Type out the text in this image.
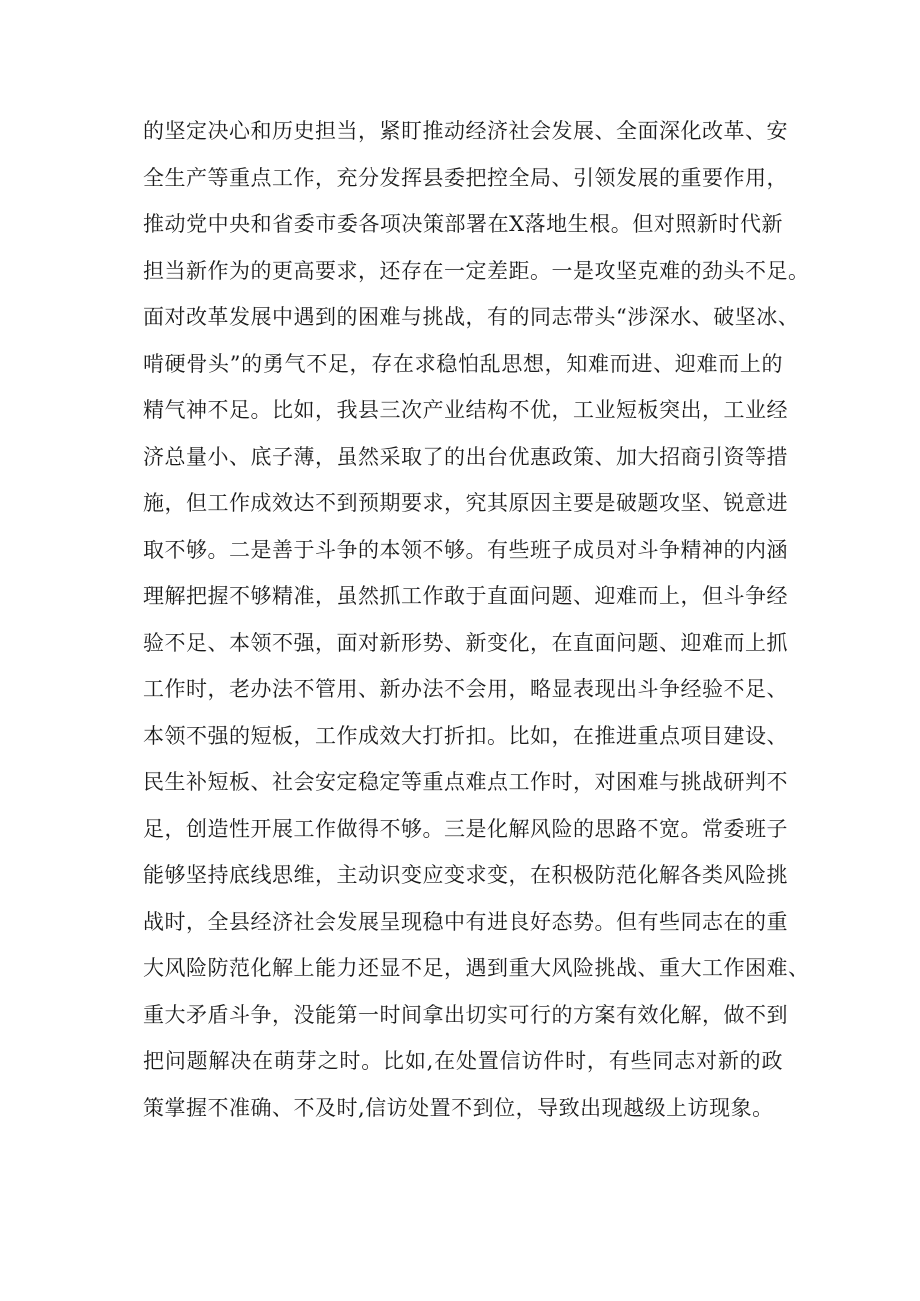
的坚定决心和历史担当，紧盯推动经济社会发展、全面深化改革、安
全生产等重点工作，充分发挥县委把控全局、引领发展的重要作用，
推动党中央和省委市委各项决策部署在X落地生根。但对照新时代新
担当新作为的更高要求，还存在一定差距。一是攻坚克难的劲头不足。
面对改革发展中遇到的困难与挑战，有的同志带头“涉深水、破坚冰、
啃硬骨头”的勇气不足，存在求稳怕乱思想，知难而进、迎难而上的
精气神不足。比如，我县三次产业结构不优，工业短板突出，工业经
济总量小、底子薄，虽然采取了的出台优惠政策、加大招商引资等措
施，但工作成效达不到预期要求，究其原因主要是破题攻坚、锐意进
取不够。二是善于斗争的本领不够。有些班子成员对斗争精神的内涵
理解把握不够精准，虽然抓工作敢于直面问题、迎难而上，但斗争经
验不足、本领不强，面对新形势、新变化，在直面问题、迎难而上抓
工作时，老办法不管用、新办法不会用，略显表现出斗争经验不足、
本领不强的短板，工作成效大打折扣。比如，在推进重点项目建设、
民生补短板、社会安定稳定等重点难点工作时，对困难与挑战研判不
足，创造性开展工作做得不够。三是化解风险的思路不宽。常委班子
能够坚持底线思维，主动识变应变求变，在积极防范化解各类风险挑
战时，全县经济社会发展呈现稳中有进良好态势。但有些同志在的重
大风险防范化解上能力还显不足，遇到重大风险挑战、重大工作困难、
重大矛盾斗争，没能第一时间拿出切实可行的方案有效化解，做不到
把问题解决在萌芽之时。比如,在处置信访件时，有些同志对新的政
策掌握不准确、不及时,信访处置不到位，导致出现越级上访现象。
